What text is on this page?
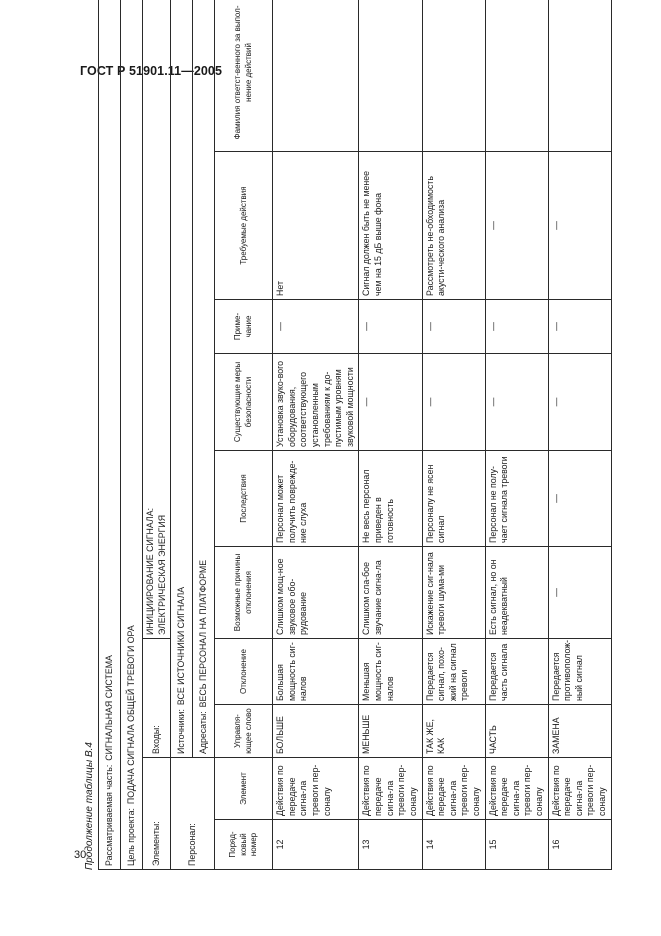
ГОСТ Р 51901.11—2005
30
Продолжение таблицы В.4 Рассматриваемая часть:СИГНАЛЬНАЯ СИСТЕМА									
Цель проекта:ПОДАЧА СИГНАЛА ОБЩЕЙ ТРЕВОГИ ОРА									
Элементы:		Входы:		ИНИЦИИРОВАНИЕ СИГНАЛА: ЭЛЕКТРИЧЕСКАЯ ЭНЕРГИЯ					

Персонал:		Источники:ВСЕ ИСТОЧНИКИ СИГНАЛА							
		Адресаты:ВЕСЬ ПЕРСОНАЛ НА ПЛАТФОРМЕ							
Поряд-ковый номер	Элемент	Управля-ющее слово	Отклонение	Возможные причины отклонения	Последствия	Существующие меры безопасности	Приме-чание	Требуемые действия	Фамилия ответст-венного за выпол-нение действий
12	Действия по передаче сигна-ла тревоги пер-соналу	БОЛЬШЕ	Большая мощность сиг-налов	Слишком мощ-ное звуковое обо-рудование	Персонал может получить поврежде-ние слуха	Установка звуко-вого оборудования, соответствующего установленным требованиям к до-пустимым уровням звуковой мощности	—	Нет	
13	Действия по передаче сигна-ла тревоги пер-соналу	МЕНЬШЕ	Меньшая мощность сиг-налов	Слишком сла-бое звучание сигна-ла	Не весь персонал приведен в готовность	—	—	Сигнал должен быть не менее чем на 15 дБ выше фона	
14	Действия по передаче сигна-ла тревоги пер-соналу	ТАК ЖЕ, КАК	Передается сигнал, похо-жий на сигнал тревоги	Искажение сиг-нала тревоги шума-ми	Персоналу не ясен сигнал	—	—	Рассмотреть не-обходимость акусти-ческого анализа	
15	Действия по передаче сигна-ла тревоги пер-соналу	ЧАСТЬ	Передается часть сигнала	Есть сигнал, но он неадекватный	Персонал не полу-чает сигнала тревоги	—	—	—	
16	Действия по передаче сигна-ла тревоги пер-соналу	ЗАМЕНА	Передается противополож-ный сигнал	—	—	—	—	—	
